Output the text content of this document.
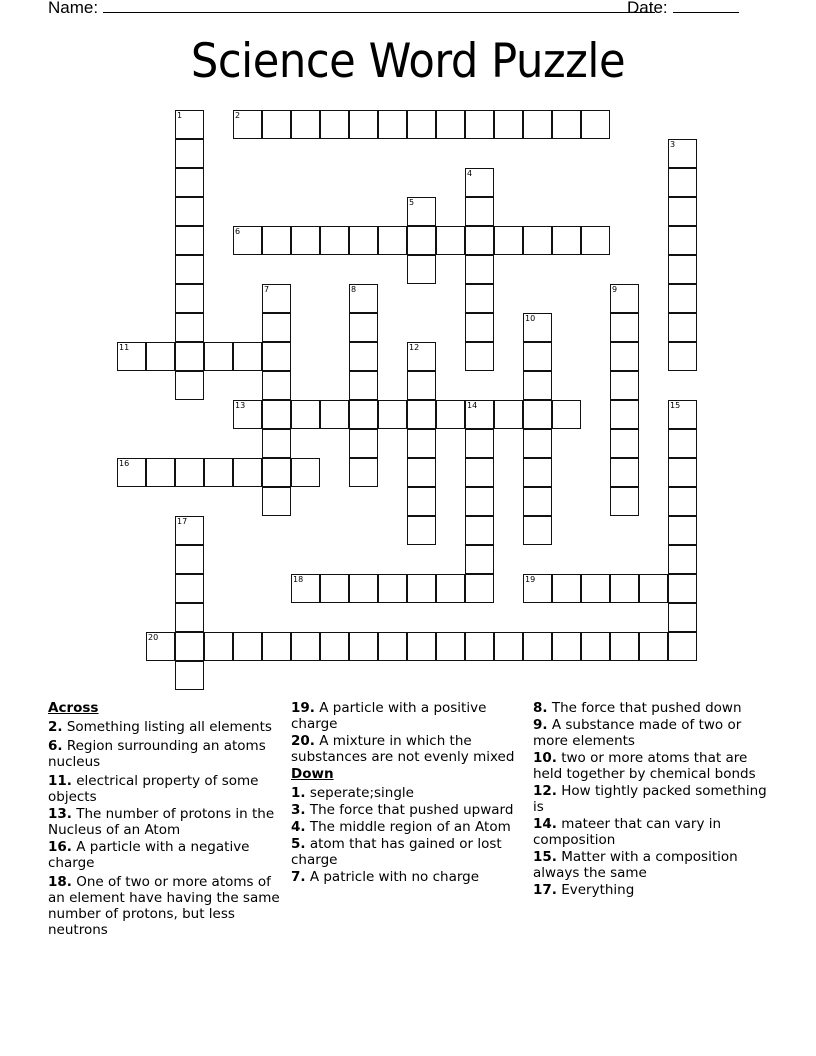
Name:	Date:
Science Word Puzzle
1	2
3
4
5
6
7	8	9
10
11	12
13	14	15
16
17
18	19
20
Across
2. Something listing all elements
6. Region surrounding an atoms nucleus
11. electrical property of some objects
13. The number of protons in the Nucleus of an Atom
16. A particle with a negative charge
18. One of two or more atoms of an element have having the same number of protons, but less neutrons
19. A particle with a positive charge
20. A mixture in which the substances are not evenly mixed
Down
1. seperate;single
3. The force that pushed upward
4. The middle region of an Atom
5. atom that has gained or lost charge
7. A patricle with no charge
8. The force that pushed down
9. A substance made of two or more elements
10. two or more atoms that are held together by chemical bonds
12. How tightly packed something is
14. mateer that can vary in composition
15. Matter with a composition always the same
17. Everything
